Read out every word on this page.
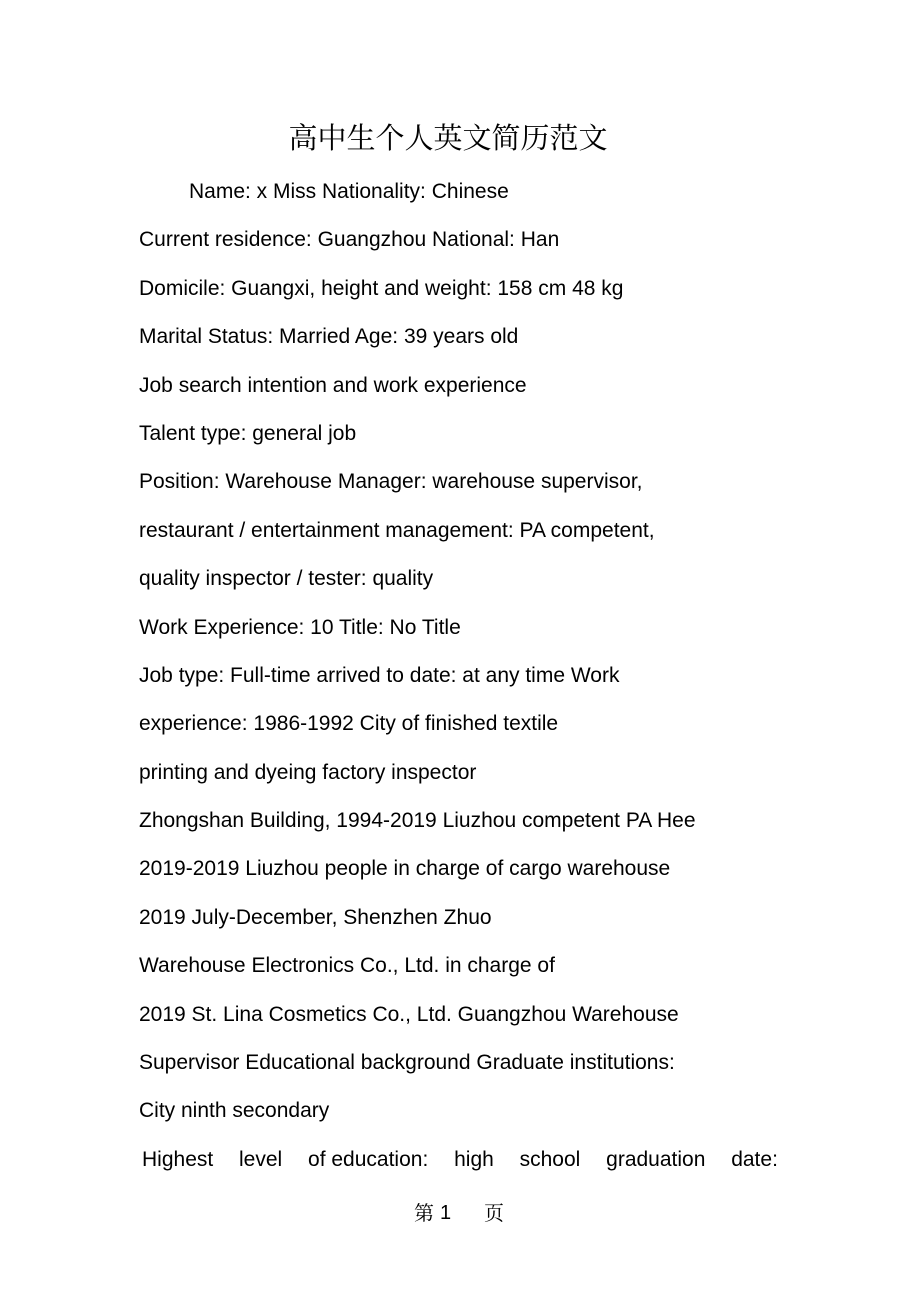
高中生个人英文简历范文

Name: x Miss Nationality: Chinese

Current residence: Guangzhou National: Han

Domicile: Guangxi, height and weight: 158 cm 48 kg

Marital Status: Married Age: 39 years old

Job search intention and work experience

Talent type: general job

Position: Warehouse Manager: warehouse supervisor,

restaurant / entertainment management: PA competent,

quality inspector / tester: quality

Work Experience: 10 Title: No Title

Job type: Full-time arrived to date: at any time Work

experience: 1986-1992 City of finished textile

printing and dyeing factory inspector

Zhongshan Building, 1994-2019 Liuzhou competent PA Hee

2019-2019 Liuzhou people in charge of cargo warehouse

2019 July-December, Shenzhen Zhuo

Warehouse Electronics Co., Ltd. in charge of

2019 St. Lina Cosmetics Co., Ltd. Guangzhou Warehouse

Supervisor Educational background Graduate institutions:

City ninth secondary

Highest level of education: high school graduation date:

第 1 页
